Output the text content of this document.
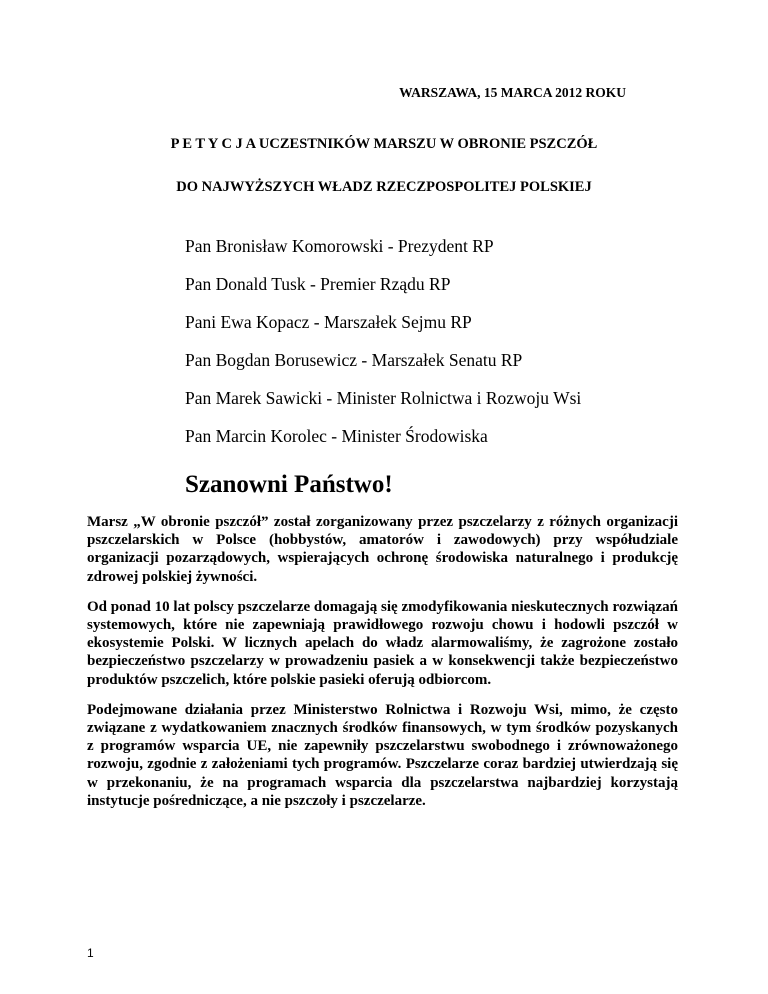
WARSZAWA, 15 MARCA 2012 ROKU
P E T Y C J A UCZESTNIKÓW MARSZU W OBRONIE PSZCZÓŁ
DO NAJWYŻSZYCH WŁADZ RZECZPOSPOLITEJ POLSKIEJ
Pan Bronisław Komorowski - Prezydent RP
Pan Donald Tusk - Premier Rządu RP
Pani Ewa Kopacz - Marszałek Sejmu RP
Pan Bogdan Borusewicz - Marszałek Senatu RP
Pan Marek Sawicki - Minister Rolnictwa i Rozwoju Wsi
Pan Marcin Korolec - Minister Środowiska
Szanowni Państwo!

Marsz „W obronie pszczół” został zorganizowany przez pszczelarzy z różnych organizacji pszczelarskich w Polsce (hobbystów, amatorów i zawodowych) przy współudziale organizacji pozarządowych, wspierających ochronę środowiska naturalnego i produkcję zdrowej polskiej żywności.

Od ponad 10 lat polscy pszczelarze domagają się zmodyfikowania nieskutecznych rozwiązań systemowych, które nie zapewniają prawidłowego rozwoju chowu i hodowli pszczół w ekosystemie Polski. W licznych apelach do władz alarmowaliśmy, że zagrożone zostało bezpieczeństwo pszczelarzy w prowadzeniu pasiek a w konsekwencji także bezpieczeństwo produktów pszczelich, które polskie pasieki oferują odbiorcom.

Podejmowane działania przez Ministerstwo Rolnictwa i Rozwoju Wsi, mimo, że często związane z wydatkowaniem znacznych środków finansowych, w tym środków pozyskanych z programów wsparcia UE, nie zapewniły pszczelarstwu swobodnego i zrównoważonego rozwoju, zgodnie z założeniami tych programów. Pszczelarze coraz bardziej utwierdzają się w przekonaniu, że na programach wsparcia dla pszczelarstwa najbardziej korzystają instytucje pośredniczące, a nie pszczoły i pszczelarze.

1
